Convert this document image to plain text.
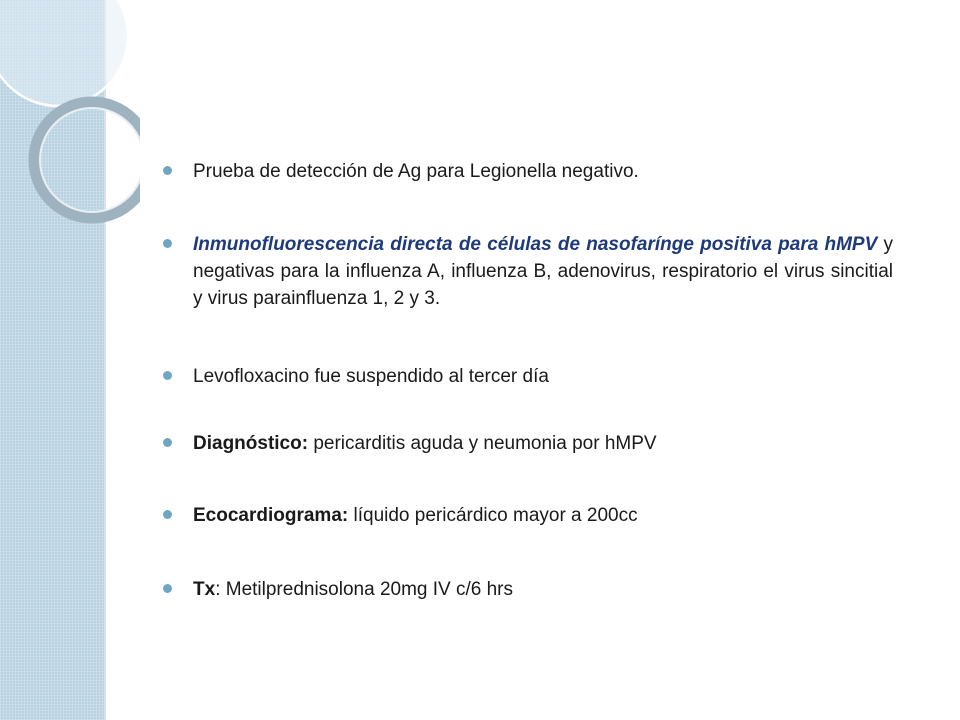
Prueba de detección de Ag para Legionella negativo.
Inmunofluorescencia directa de células de nasofarínge positiva para hMPV y negativas para la influenza A, influenza B, adenovirus, respiratorio el virus sincitial y virus parainfluenza 1, 2 y 3.
Levofloxacino fue suspendido al tercer día
Diagnóstico: pericarditis aguda y neumonia por hMPV
Ecocardiograma: líquido pericárdico mayor a 200cc
Tx: Metilprednisolona 20mg IV c/6 hrs
